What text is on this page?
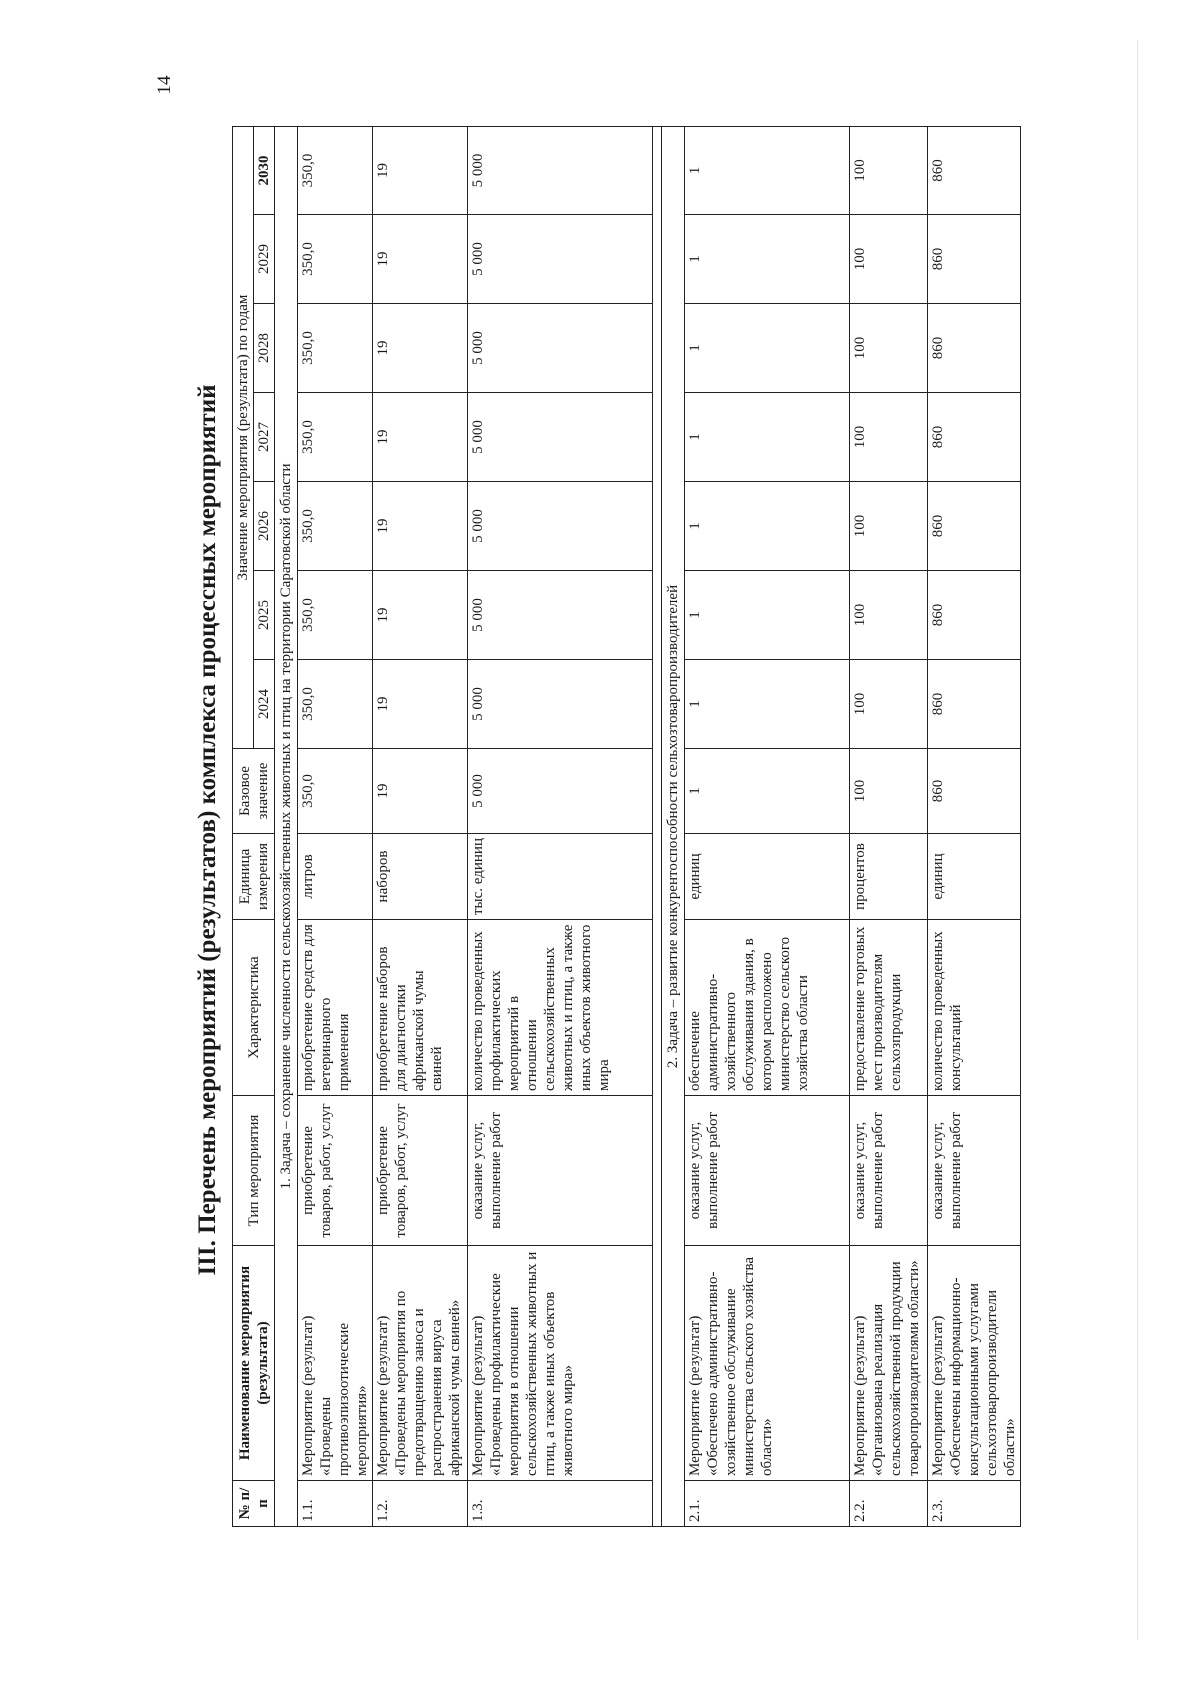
14
III. Перечень мероприятий (результатов) комплекса процессных мероприятий
№ п/п	Наименование мероприятия (результата)	Тип мероприятия	Характеристика	Единица измерения	Базовое значение	Значение мероприятия (результата) по годам						
						2024	2025	2026	2027	2028	2029	2030
1. Задача – сохранение численности сельскохозяйственных животных и птиц на территории Саратовской области												
1.1.	Мероприятие (результат) «Проведены противоэпизоотические мероприятия»	приобретение товаров, работ, услуг	приобретение средств для ветеринарного применения	литров	350,0	350,0	350,0	350,0	350,0	350,0	350,0	350,0
1.2.	Мероприятие (результат) «Проведены мероприятия по предотвращению заноса и распространения вируса африканской чумы свиней»	приобретение товаров, работ, услуг	приобретение наборов для диагностики африканской чумы свиней	наборов	19	19	19	19	19	19	19	19
1.3.	Мероприятие (результат) «Проведены профилактические мероприятия в отношении сельскохозяйственных животных и птиц, а также иных объектов животного мира»	оказание услуг, выполнение работ	количество проведенных профилактических мероприятий в отношении сельскохозяйственных животных и птиц, а также иных объектов животного мира	тыс. единиц	5 000	5 000	5 000	5 000	5 000	5 000	5 000	5 000

2. Задача – развитие конкурентоспособности сельхозтоваропроизводителей												
2.1.	Мероприятие (результат) «Обеспечено административно-хозяйственное обслуживание министерства сельского хозяйства области»	оказание услуг, выполнение работ	обеспечение административно-хозяйственного обслуживания здания, в котором расположено министерство сельского хозяйства области	единиц	1	1	1	1	1	1	1	1
2.2.	Мероприятие (результат) «Организована реализация сельскохозяйственной продукции товаропроизводителями области»	оказание услуг, выполнение работ	предоставление торговых мест производителям сельхозпродукции	процентов	100	100	100	100	100	100	100	100
2.3.	Мероприятие (результат) «Обеспечены информационно-консультационными услугами сельхозтоваропроизводители области»	оказание услуг, выполнение работ	количество проведенных консультаций	единиц	860	860	860	860	860	860	860	860
